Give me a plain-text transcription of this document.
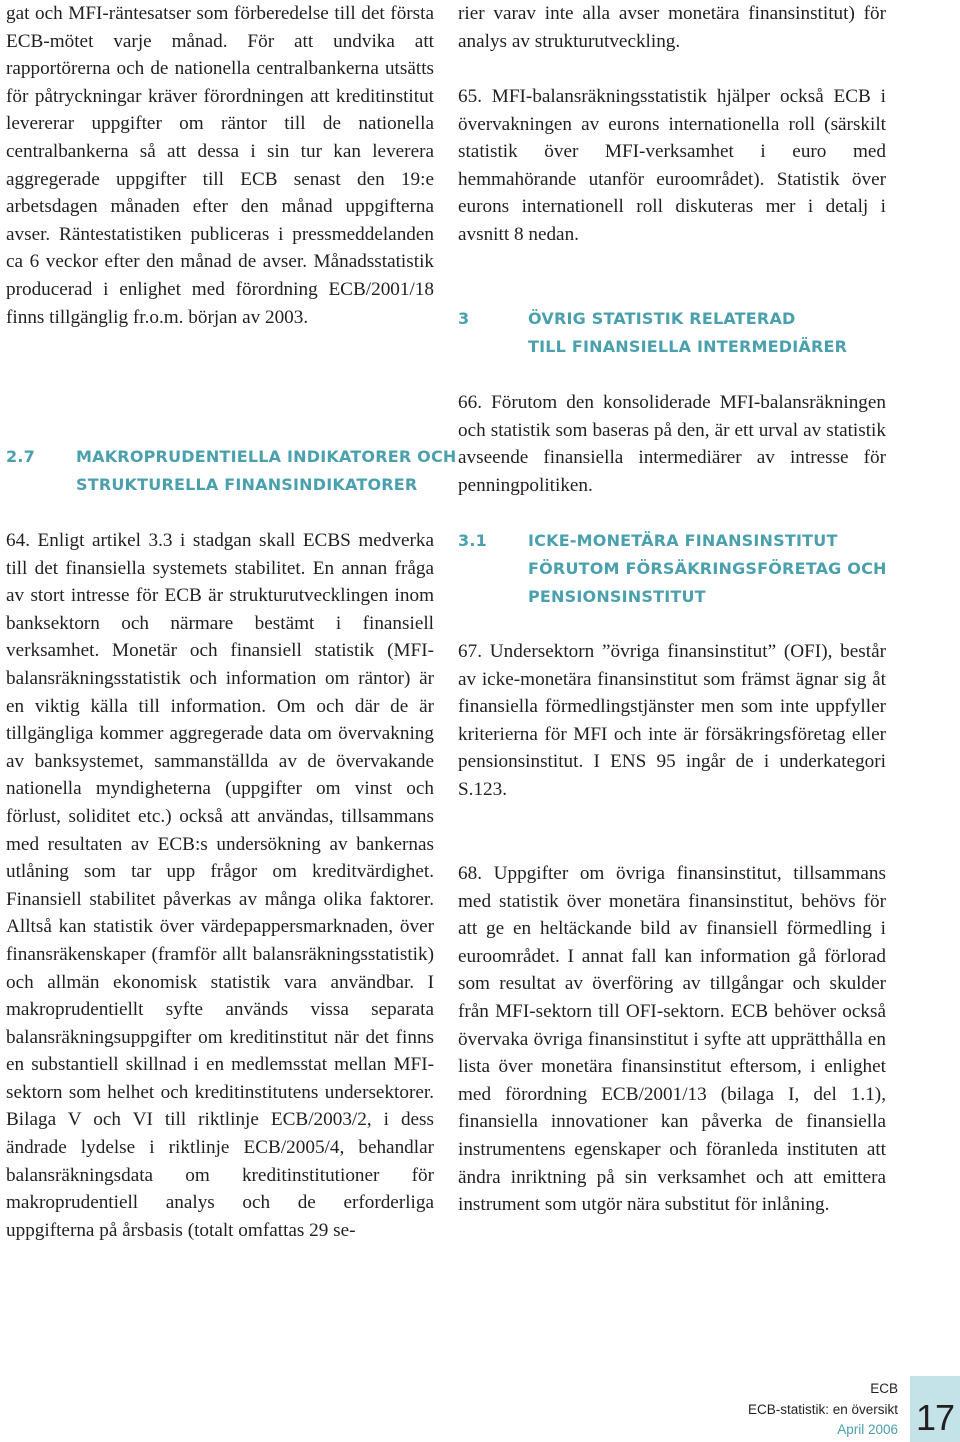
gat och MFI-räntesatser som förberedelse till det första ECB-mötet varje månad. För att undvika att rapportörerna och de nationella centralbankerna utsätts för påtryckningar kräver förordningen att kreditinstitut levererar uppgifter om räntor till de nationella centralbankerna så att dessa i sin tur kan leverera aggregerade uppgifter till ECB senast den 19:e arbetsdagen månaden efter den månad uppgifterna avser. Räntestatistiken publiceras i pressmeddelanden ca 6 veckor efter den månad de avser. Månadsstatistik producerad i enlighet med förordning ECB/2001/18 finns tillgänglig fr.o.m. början av 2003.

2.7	MAKROPRUDENTIELLA INDIKATORER OCH
STRUKTURELLA FINANSINDIKATORER

64. Enligt artikel 3.3 i stadgan skall ECBS medverka till det finansiella systemets stabilitet. En annan fråga av stort intresse för ECB är strukturutvecklingen inom banksektorn och närmare bestämt i finansiell verksamhet. Monetär och finansiell statistik (MFI-balansräkningsstatistik och information om räntor) är en viktig källa till information. Om och där de är tillgängliga kommer aggregerade data om övervakning av banksystemet, sammanställda av de övervakande nationella myndigheterna (uppgifter om vinst och förlust, soliditet etc.) också att användas, tillsammans med resultaten av ECB:s undersökning av bankernas utlåning som tar upp frågor om kreditvärdighet. Finansiell stabilitet påverkas av många olika faktorer. Alltså kan statistik över värdepappersmarknaden, över finansräkenskaper (framför allt balansräkningsstatistik) och allmän ekonomisk statistik vara användbar. I makroprudentiellt syfte används vissa separata balansräkningsuppgifter om kreditinstitut när det finns en substantiell skillnad i en medlemsstat mellan MFI-sektorn som helhet och kreditinstitutens undersektorer. Bilaga V och VI till riktlinje ECB/2003/2, i dess ändrade lydelse i riktlinje ECB/2005/4, behandlar balansräkningsdata om kreditinstitutioner för makroprudentiell analys och de erforderliga uppgifterna på årsbasis (totalt omfattas 29 se-

rier varav inte alla avser monetära finansinstitut) för analys av strukturutveckling.

65. MFI-balansräkningsstatistik hjälper också ECB i övervakningen av eurons internationella roll (särskilt statistik över MFI-verksamhet i euro med hemmahörande utanför euroområdet). Statistik över eurons internationell roll diskuteras mer i detalj i avsnitt 8 nedan.

3	ÖVRIG STATISTIK RELATERAD
TILL FINANSIELLA INTERMEDIÄRER

66. Förutom den konsoliderade MFI-balansräkningen och statistik som baseras på den, är ett urval av statistik avseende finansiella intermediärer av intresse för penningpolitiken.

3.1	ICKE-MONETÄRA FINANSINSTITUT
FÖRUTOM FÖRSÄKRINGSFÖRETAG OCH
PENSIONSINSTITUT

67. Undersektorn ”övriga finansinstitut” (OFI), består av icke-monetära finansinstitut som främst ägnar sig åt finansiella förmedlingstjänster men som inte uppfyller kriterierna för MFI och inte är försäkringsföretag eller pensionsinstitut. I ENS 95 ingår de i underkategori S.123.

68. Uppgifter om övriga finansinstitut, tillsammans med statistik över monetära finansinstitut, behövs för att ge en heltäckande bild av finansiell förmedling i euroområdet. I annat fall kan information gå förlorad som resultat av överföring av tillgångar och skulder från MFI-sektorn till OFI-sektorn. ECB behöver också övervaka övriga finansinstitut i syfte att upprätthålla en lista över monetära finansinstitut eftersom, i enlighet med förordning ECB/2001/13 (bilaga I, del 1.1), finansiella innovationer kan påverka de finansiella instrumentens egenskaper och föranleda instituten att ändra inriktning på sin verksamhet och att emittera instrument som utgör nära substitut för inlåning.

ECB
ECB-statistik: en översikt
April 2006 17
